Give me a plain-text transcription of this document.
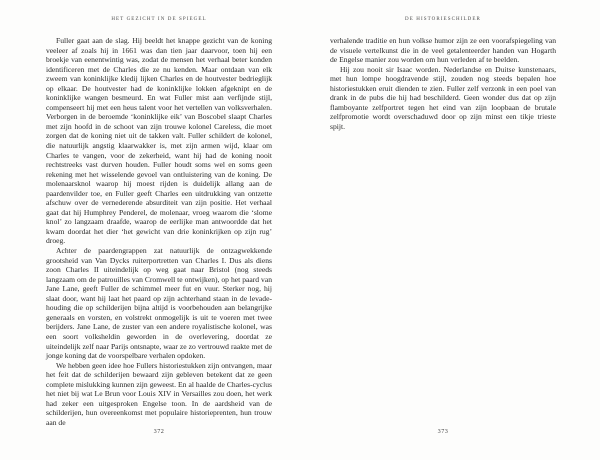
HET GEZICHT IN DE SPIEGEL

Fuller gaat aan de slag. Hij beeldt het knappe gezicht van de koning veeleer af zoals hij in 1661 was dan tien jaar daarvoor, toen hij een broekje van eenentwintig was, zodat de mensen het verhaal beter konden identificeren met de Charles die ze nu kenden. Maar ontdaan van elk zweem van koninklijke kledij lijken Charles en de houtvester bedrieglijk op elkaar. De houtvester had de koninklijke lokken afgeknipt en de koninklijke wangen besmeurd. En wat Fuller mist aan verfijnde stijl, compenseert hij met een heus talent voor het vertellen van volksverhalen. Verborgen in de beroemde ‘koninklijke eik’ van Boscobel slaapt Charles met zijn hoofd in de schoot van zijn trouwe kolonel Careless, die moet zorgen dat de koning niet uit de takken valt. Fuller schildert de kolonel, die natuurlijk angstig klaarwakker is, met zijn armen wijd, klaar om Charles te vangen, voor de zekerheid, want hij had de koning nooit rechtstreeks vast durven houden. Fuller houdt soms wel en soms geen rekening met het wisselende gevoel van ontluistering van de koning. De molenaarsknol waarop hij moest rijden is duidelijk allang aan de paardenvilder toe, en Fuller geeft Charles een uitdrukking van ontzette afschuw over de vernederende absurditeit van zijn positie. Het verhaal gaat dat hij Humphrey Penderel, de molenaar, vroeg waarom die ‘slome knol’ zo langzaam draafde, waarop de eerlijke man antwoordde dat het kwam doordat het dier ‘het gewicht van drie koninkrijken op zijn rug’ droeg.

Achter de paardengrappen zat natuurlijk de ontzagwekkende grootsheid van Van Dycks ruiterportretten van Charles I. Dus als diens zoon Charles II uiteindelijk op weg gaat naar Bristol (nog steeds langzaam om de patrouilles van Cromwell te ontwijken), op het paard van Jane Lane, geeft Fuller de schimmel meer fut en vuur. Sterker nog, hij slaat door, want hij laat het paard op zijn achterhand staan in de levade-houding die op schilderijen bijna altijd is voorbehouden aan belangrijke generaals en vorsten, en volstrekt onmogelijk is uit te voeren met twee berijders. Jane Lane, de zuster van een andere royalistische kolonel, was een soort volksheldin geworden in de overlevering, doordat ze uiteindelijk zelf naar Parijs ontsnapte, waar ze zo vertrouwd raakte met de jonge koning dat de voorspelbare verhalen opdoken.

We hebben geen idee hoe Fullers historiestukken zijn ontvangen, maar het feit dat de schilderijen bewaard zijn gebleven betekent dat ze geen complete mislukking kunnen zijn geweest. En al haalde de Charles-cyclus het niet bij wat Le Brun voor Louis XIV in Versailles zou doen, het werk had zeker een uitgesproken Engelse toon. In de aardsheid van de schilderijen, hun overeenkomst met populaire historieprenten, hun trouw aan de

372
DE HISTORIESCHILDER

verhalende traditie en hun volkse humor zijn ze een voorafspiegeling van de visuele vertelkunst die in de veel getalenteerder handen van Hogarth de Engelse manier zou worden om hun verleden af te beelden.

Hij zou nooit sir Isaac worden. Nederlandse en Duitse kunstenaars, met hun lompe hoogdravende stijl, zouden nog steeds bepalen hoe historiestukken eruit dienden te zien. Fuller zelf verzonk in een poel van drank in de pubs die hij had beschilderd. Geen wonder dus dat op zijn flamboyante zelfportret tegen het eind van zijn loopbaan de brutale zelfpromotie wordt overschaduwd door op zijn minst een tikje trieste spijt.

373
